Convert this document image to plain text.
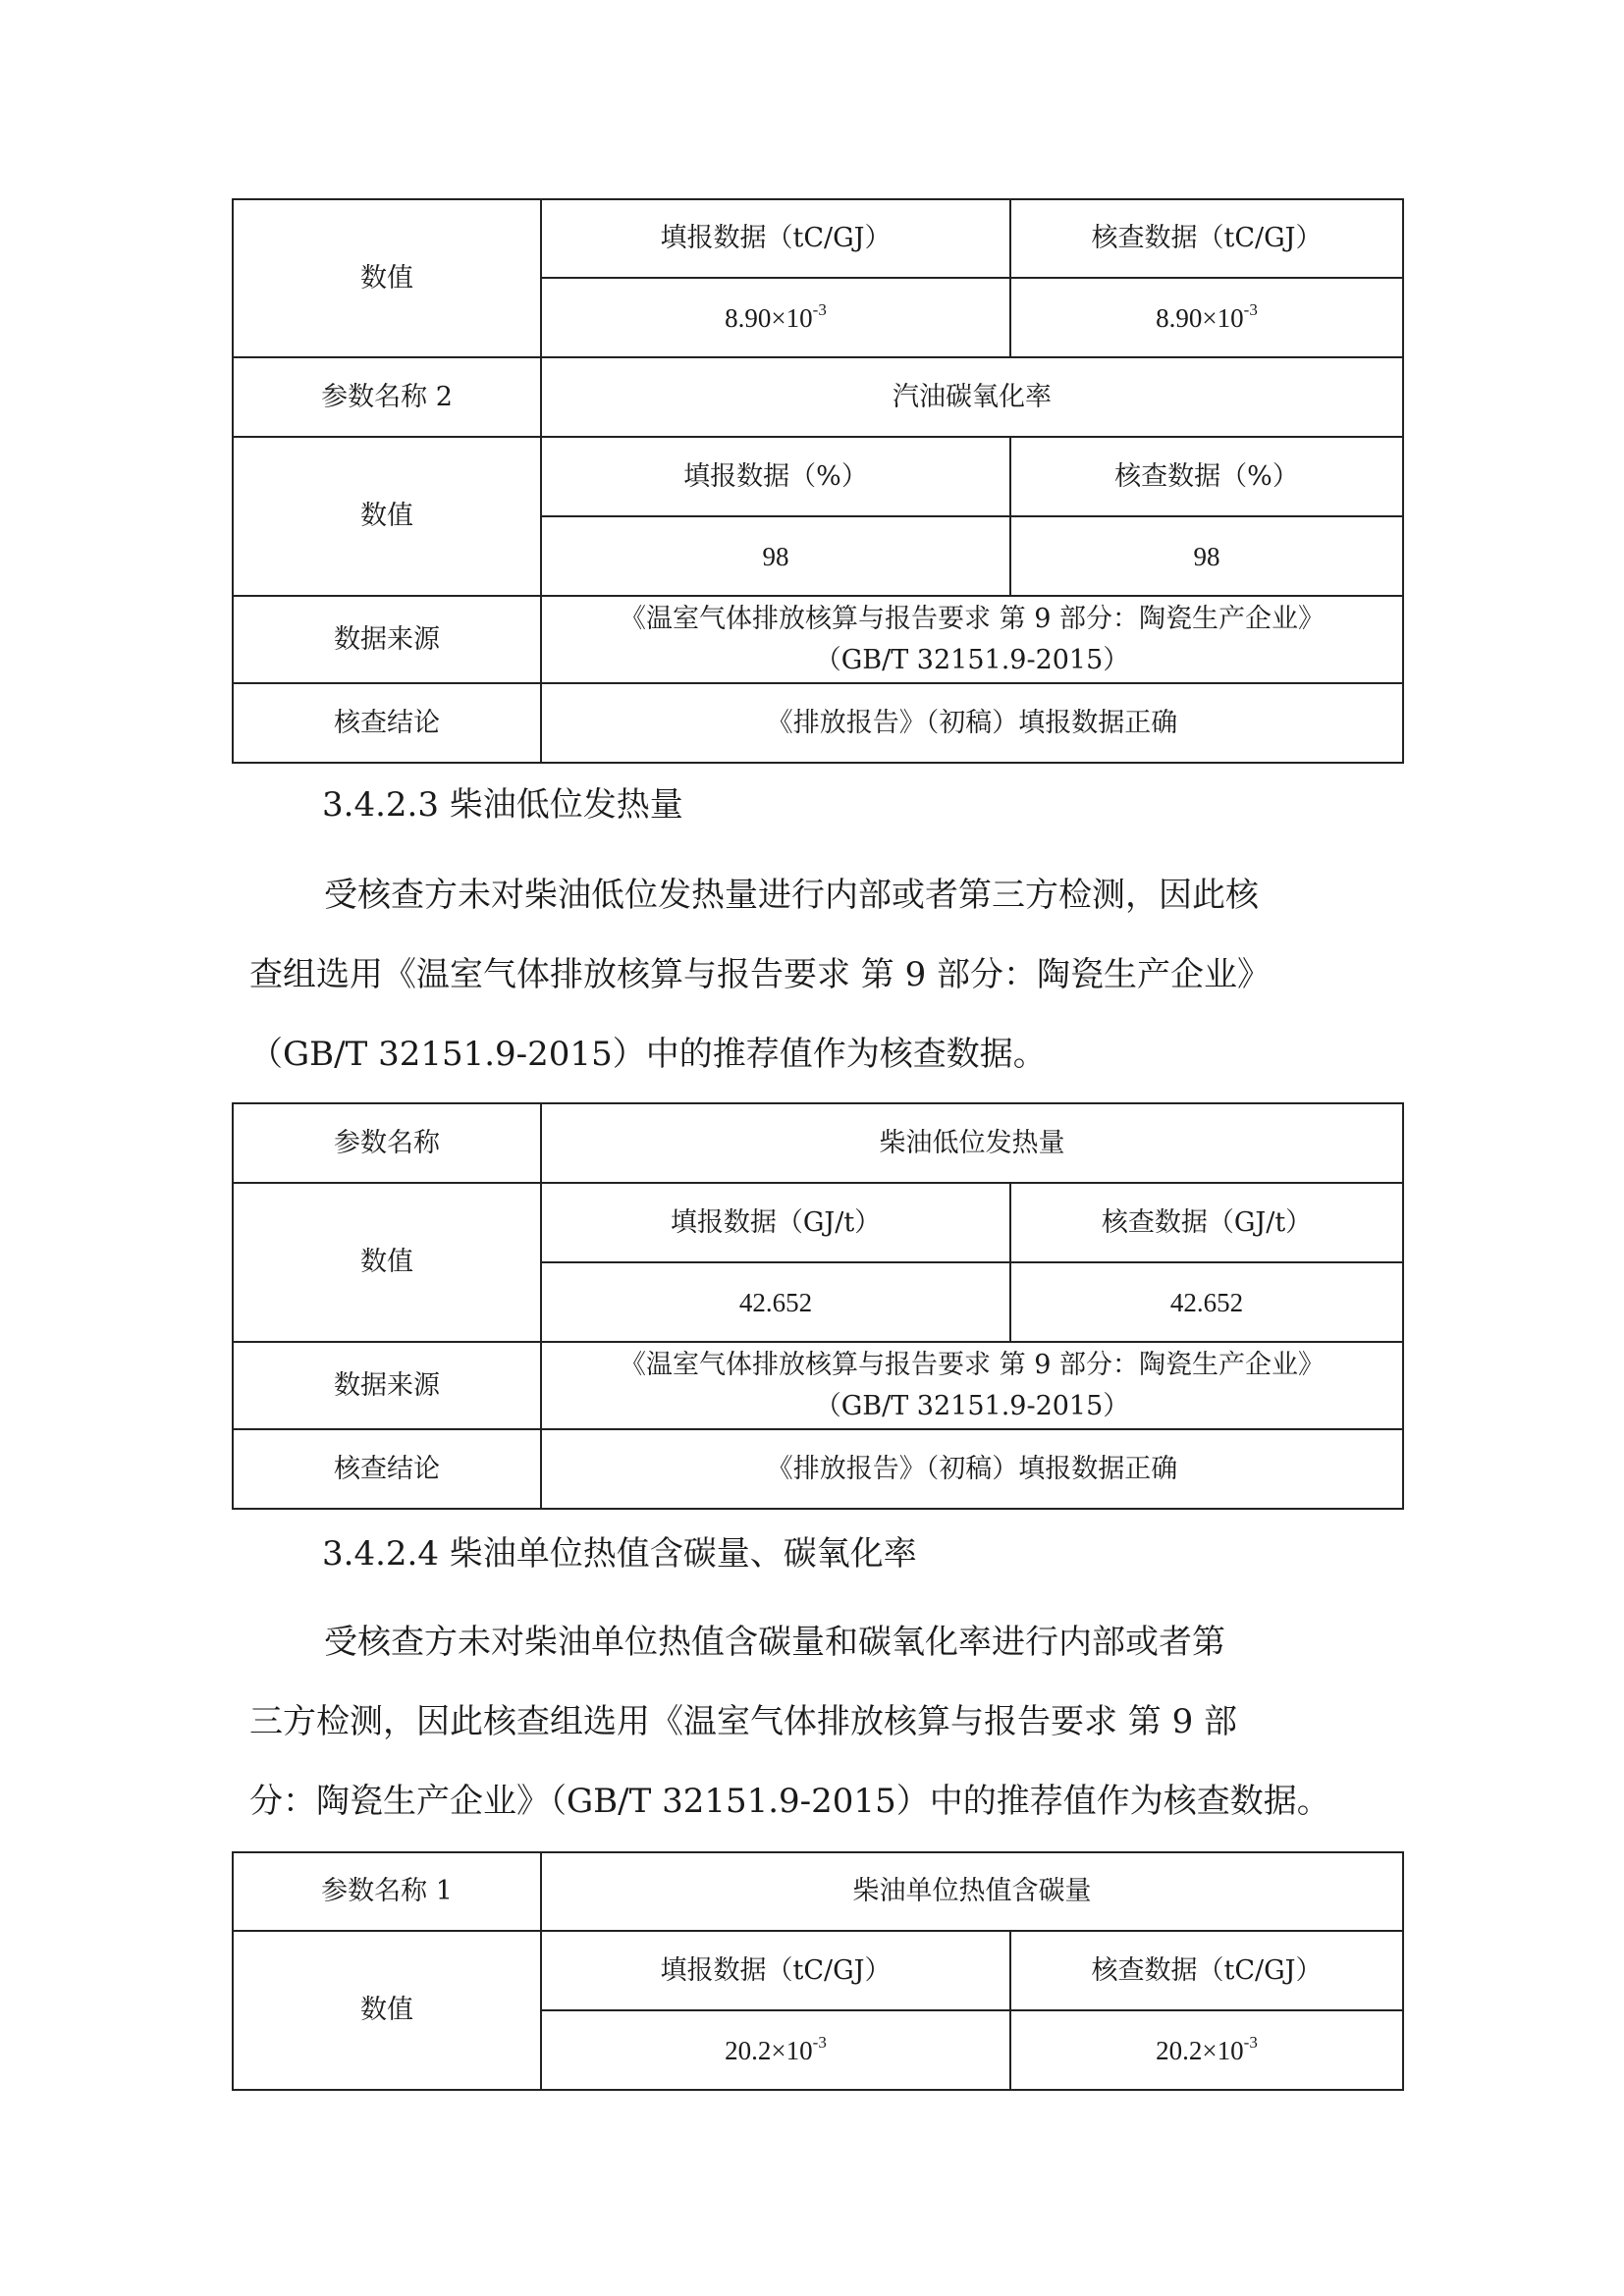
数值	填报数据（tC/GJ）	核查数据（tC/GJ）
	$8.90\times 10^{-3}$	$8.90\times 10^{-3}$
参数名称 2	汽油碳氧化率	
数值	填报数据（%）	核查数据（%）
	98	98
数据来源	《温室气体排放核算与报告要求 第 9 部分：陶瓷生产企业》
（GB/T 32151.9-2015）	

核查结论	《排放报告》（初稿）填报数据正确	
3.4.2.3 柴油低位发热量
受核查方未对柴油低位发热量进行内部或者第三方检测，因此核
查组选用《温室气体排放核算与报告要求 第 9 部分：陶瓷生产企业》
（GB/T 32151.9-2015）中的推荐值作为核查数据。
参数名称	柴油低位发热量	
数值	填报数据（GJ/t）	核查数据（GJ/t）
	42.652	42.652
数据来源	《温室气体排放核算与报告要求 第 9 部分：陶瓷生产企业》
（GB/T 32151.9-2015）	

核查结论	《排放报告》（初稿）填报数据正确	
3.4.2.4 柴油单位热值含碳量、碳氧化率
受核查方未对柴油单位热值含碳量和碳氧化率进行内部或者第
三方检测，因此核查组选用《温室气体排放核算与报告要求 第 9 部
分：陶瓷生产企业》（GB/T 32151.9-2015）中的推荐值作为核查数据。
参数名称 1	柴油单位热值含碳量	
数值	填报数据（tC/GJ）	核查数据（tC/GJ）
	$20.2\times 10^{-3}$	$20.2\times 10^{-3}$
